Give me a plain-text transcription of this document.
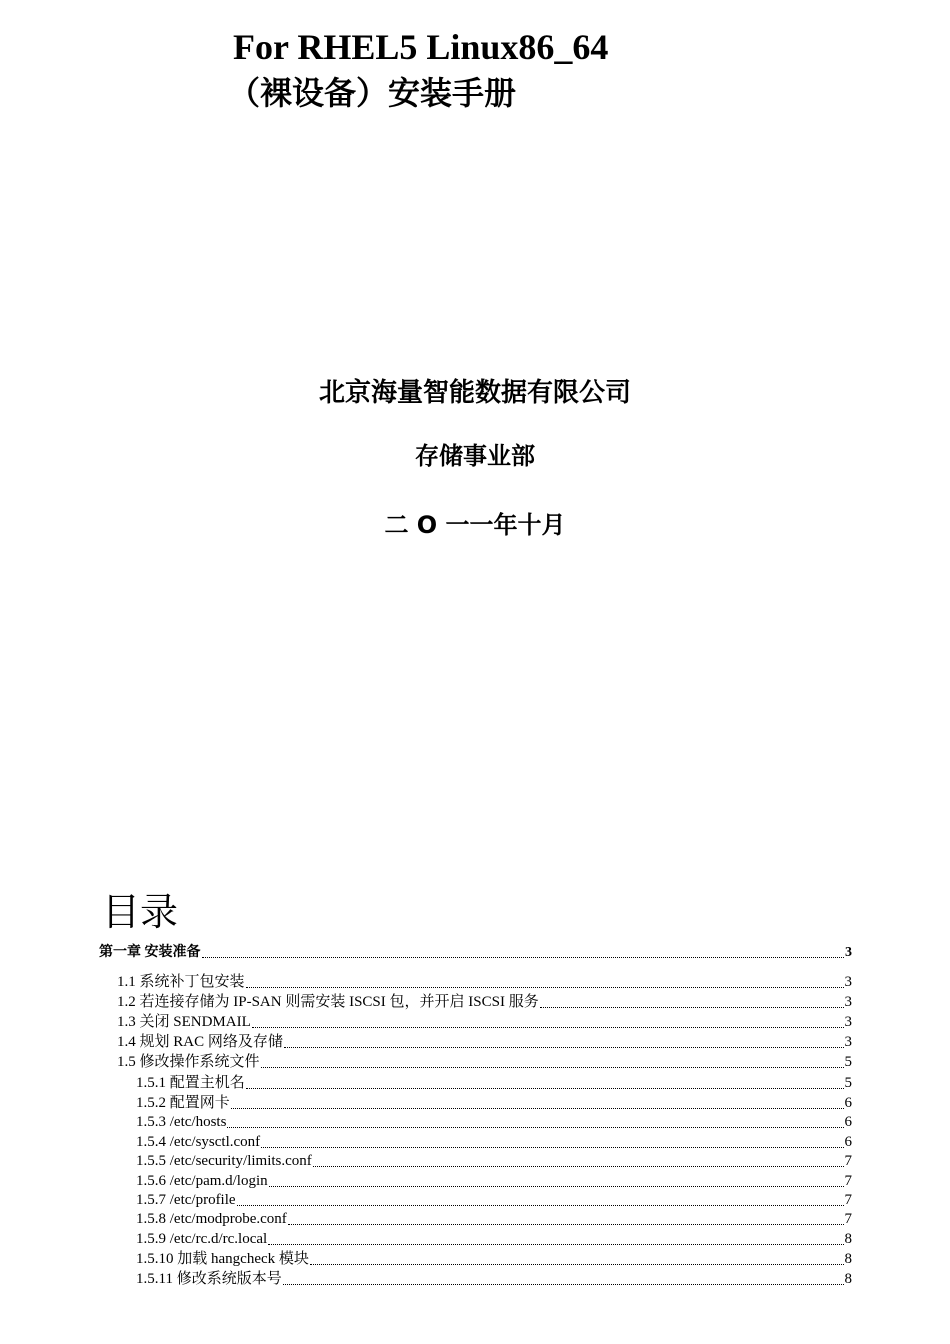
For RHEL5 Linux86_64
（裸设备）安装手册
北京海量智能数据有限公司
存储事业部
二 O 一一年十月
目录
第一章 安装准备	3
1.1 系统补丁包安装	3
1.2 若连接存储为 IP-SAN 则需安装 ISCSI 包，并开启 ISCSI 服务	3
1.3 关闭 SENDMAIL	3
1.4 规划 RAC 网络及存储	3
1.5 修改操作系统文件	5
1.5.1 配置主机名	5
1.5.2 配置网卡	6
1.5.3 /etc/hosts	6
1.5.4 /etc/sysctl.conf	6
1.5.5 /etc/security/limits.conf	7
1.5.6 /etc/pam.d/login	7
1.5.7 /etc/profile	7
1.5.8 /etc/modprobe.conf	7
1.5.9 /etc/rc.d/rc.local	8
1.5.10 加载 hangcheck 模块	8
1.5.11 修改系统版本号	8
